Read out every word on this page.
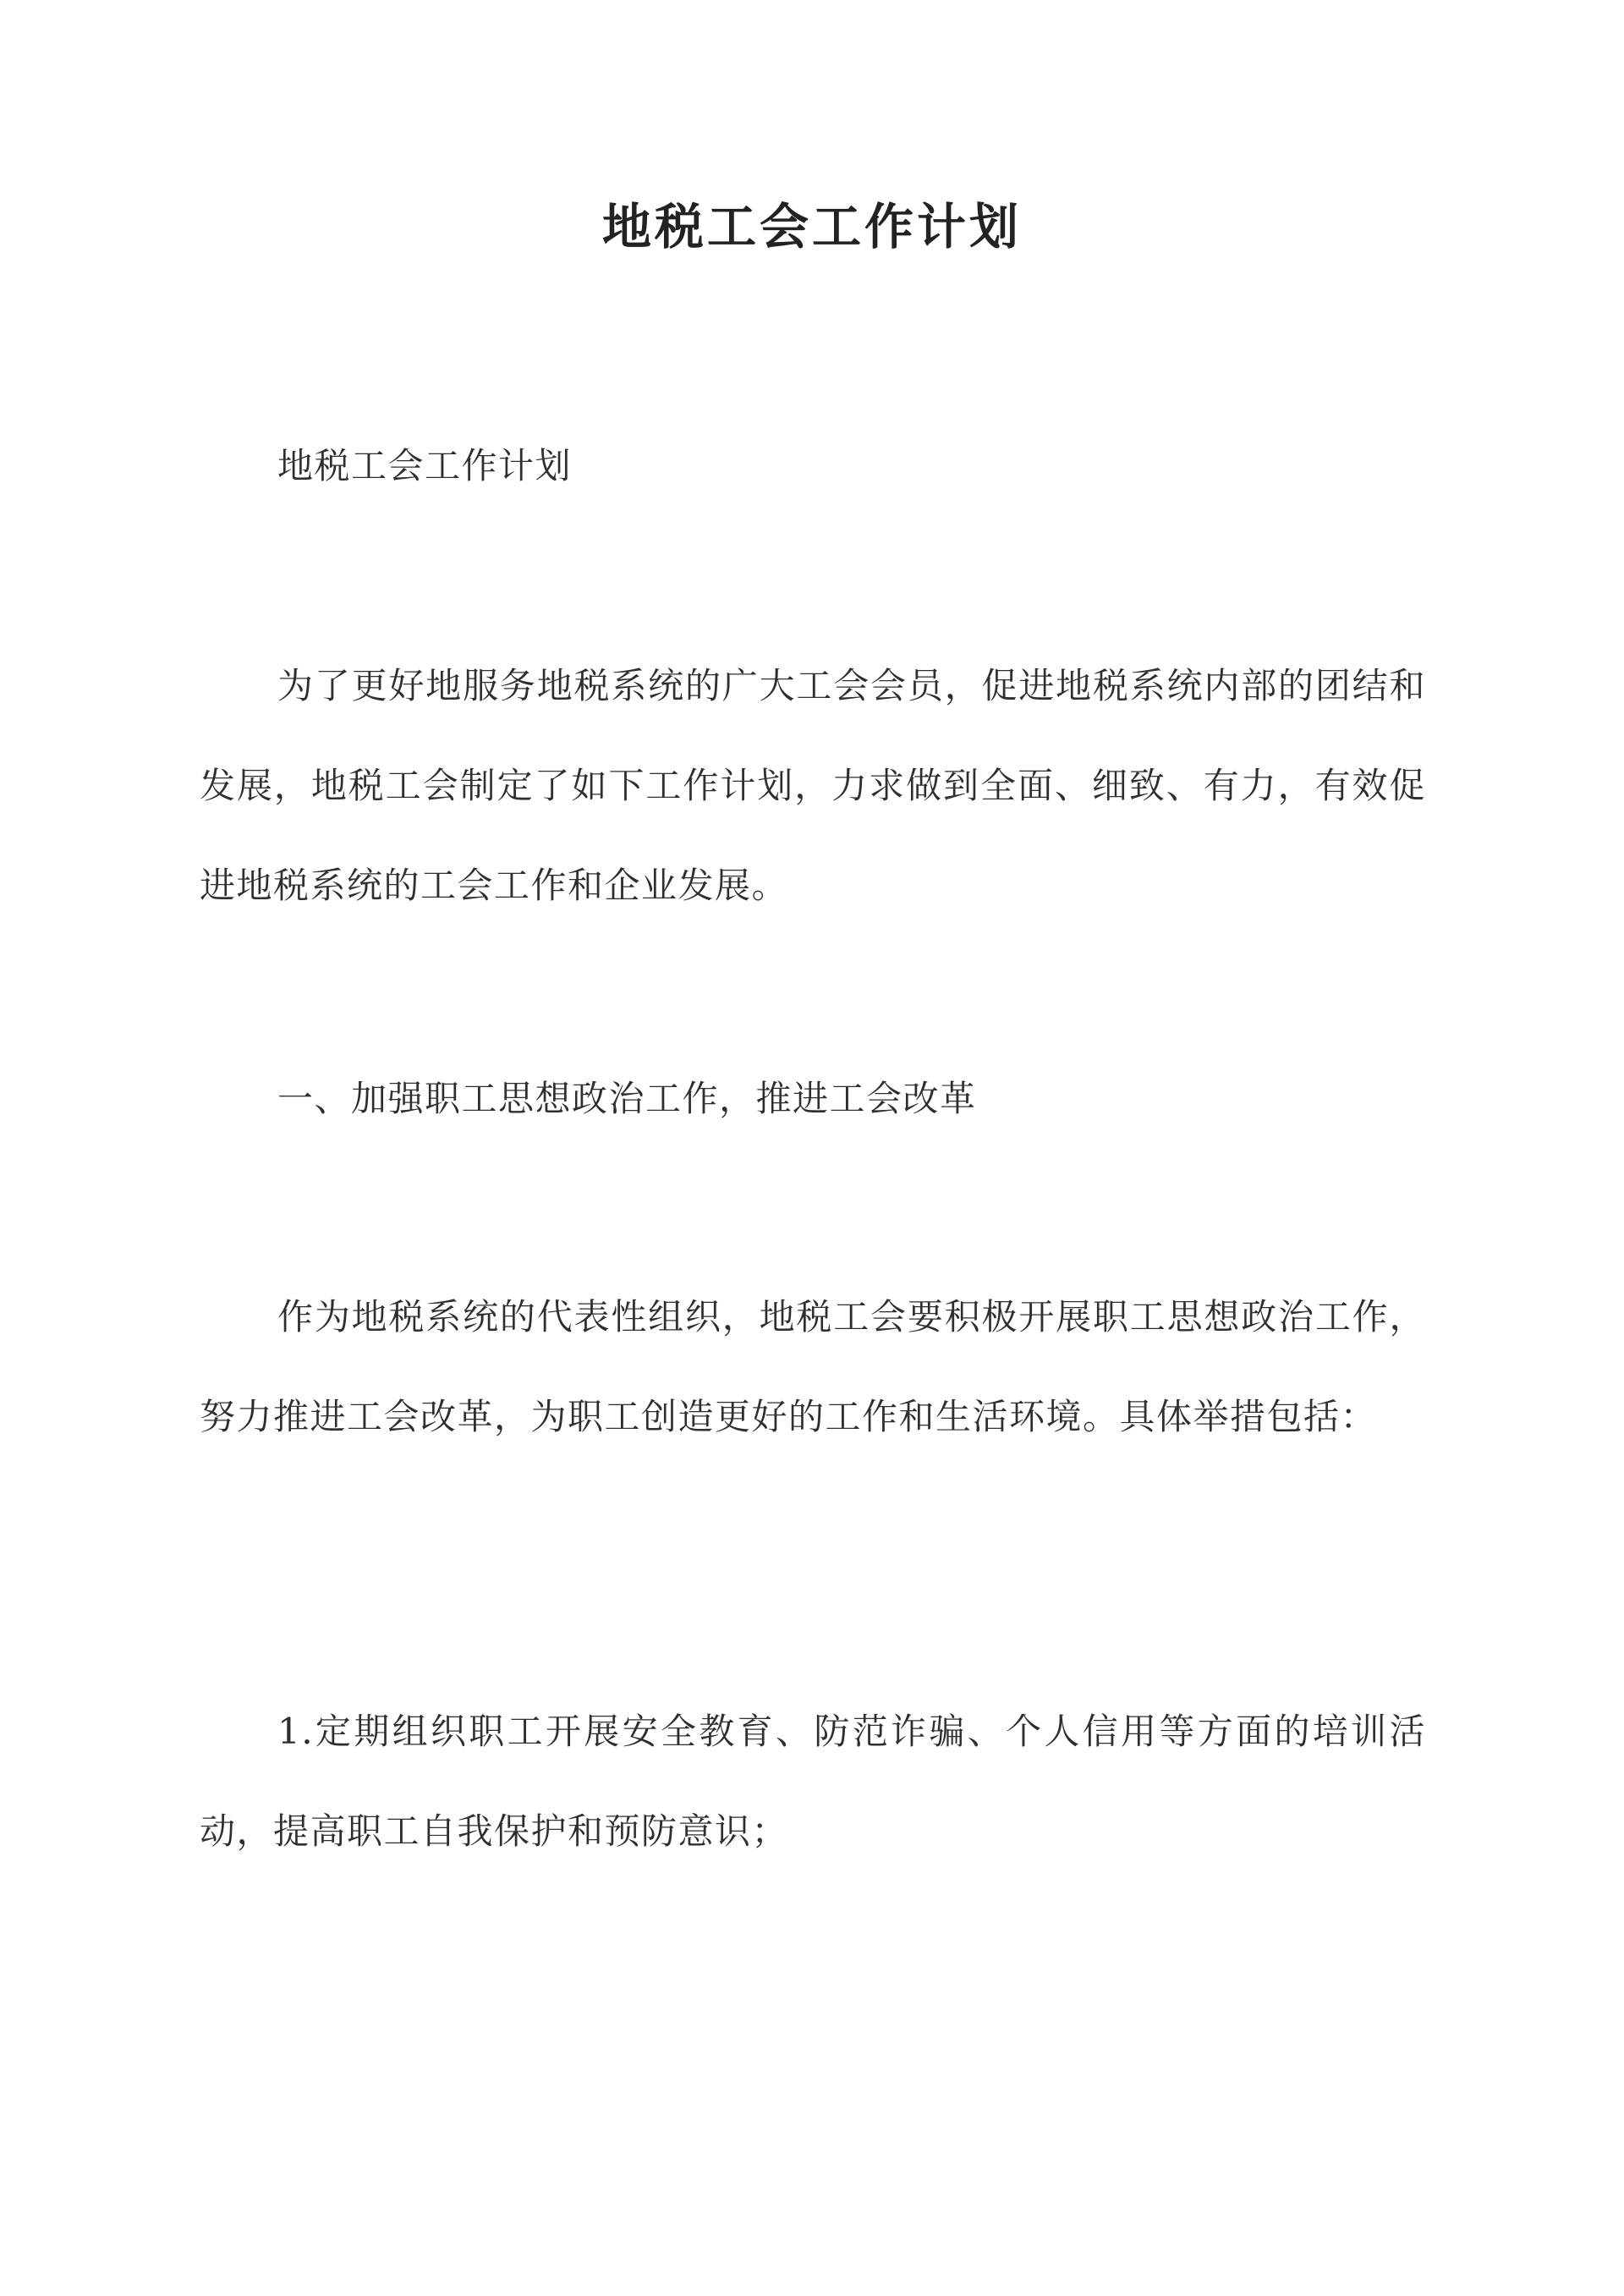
地税工会工作计划

地税工会工作计划

为了更好地服务地税系统的广大工会会员，促进地税系统内部的团结和发展，地税工会制定了如下工作计划，力求做到全面、细致、有力，有效促进地税系统的工会工作和企业发展。

一、加强职工思想政治工作，推进工会改革

作为地税系统的代表性组织，地税工会要积极开展职工思想政治工作，努力推进工会改革，为职工创造更好的工作和生活环境。具体举措包括：

1.定期组织职工开展安全教育、防范诈骗、个人信用等方面的培训活动，提高职工自我保护和预防意识；
